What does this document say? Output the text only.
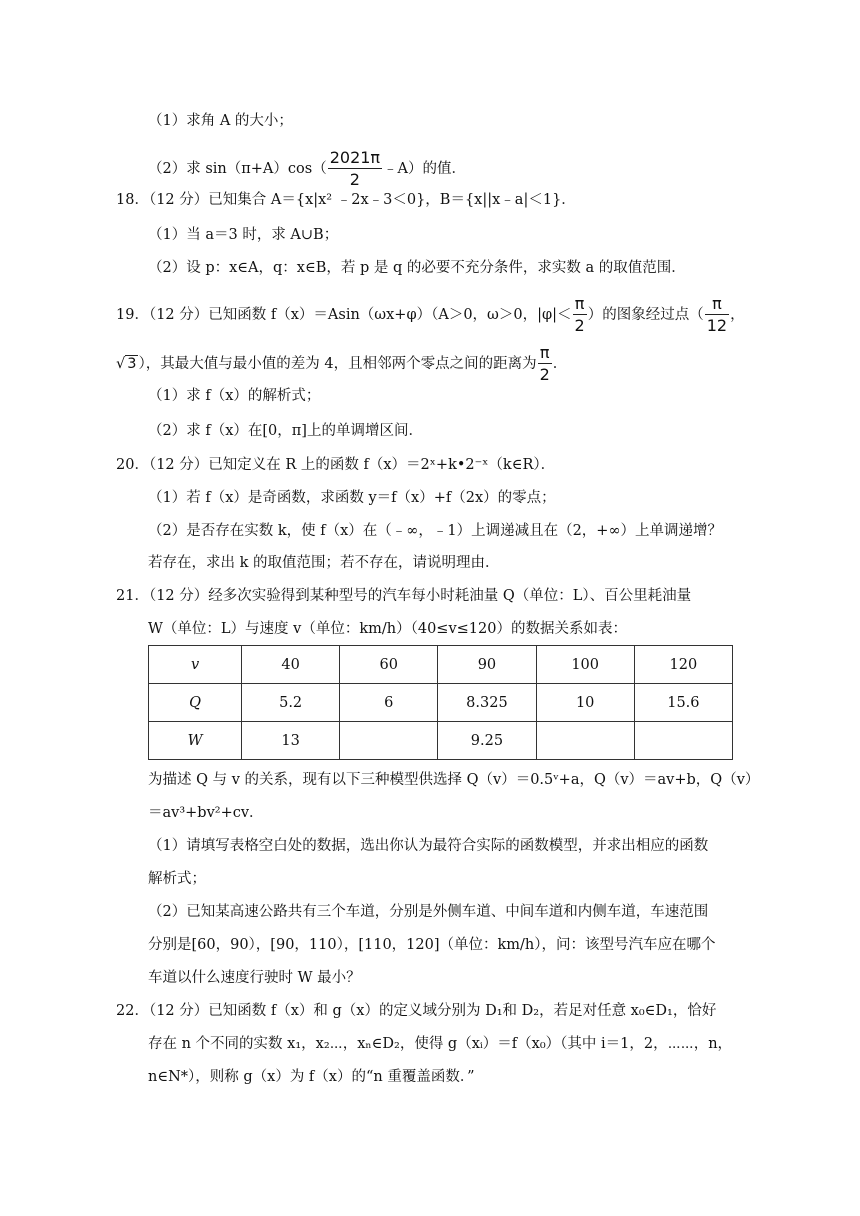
（1）求角 A 的大小；
（2）求 $\sin(\pi+A)\cos( \frac{2021\pi}{2}$ ﹣A）的值．
18．（12 分）已知集合 A＝{x|x² ﹣2x﹣3＜0}，B＝{x||x﹣a|＜1}．
（1）当 a＝3 时，求 A∪B；
（2）设 p：x∈A，q：x∈B，若 p 是 q 的必要不充分条件，求实数 a 的取值范围．
19．（12 分）已知函数 f（x）＝Asin（ωx+φ）（A＞0，ω＞0，$|\varphi|< \frac{\pi}{2}$ ）的图象经过点（ $\frac{\pi}{12}$ ，
√ 3 ），其最大值与最小值的差为 4，且相邻两个零点之间的距离为 $\frac{\pi}{2}$ ．
（1）求 f（x）的解析式；
（2）求 f（x）在[0，π]上的单调增区间．
20．（12 分）已知定义在 R 上的函数 f（x）＝2ˣ+k•2⁻ˣ（k∈R）．
（1）若 f（x）是奇函数，求函数 y＝f（x）+f（2x）的零点；
（2）是否存在实数 k，使 f（x）在（﹣∞，﹣1）上调递减且在（2，+∞）上单调递增？
若存在，求出 k 的取值范围；若不存在，请说明理由．
21．（12 分）经多次实验得到某种型号的汽车每小时耗油量 Q（单位：L）、百公里耗油量
W（单位：L）与速度 v（单位：km/h）（40≤v≤120）的数据关系如表：
v	40	60	90	100	120
Q	5.2	6	8.325	10	15.6
W	13		9.25		
为描述 Q 与 v 的关系，现有以下三种模型供选择 Q（v）＝0.5ᵛ+a，Q（v）＝av+b，Q（v）
＝av³+bv²+cv．
（1）请填写表格空白处的数据，选出你认为最符合实际的函数模型，并求出相应的函数
解析式；
（2）已知某高速公路共有三个车道，分别是外侧车道、中间车道和内侧车道，车速范围
分别是[60，90），[90，110），[110，120]（单位：km/h），问：该型号汽车应在哪个
车道以什么速度行驶时 W 最小？
22．（12 分）已知函数 f（x）和 g（x）的定义域分别为 D₁和 D₂，若足对任意 x₀∈D₁，恰好
存在 n 个不同的实数 x₁，x₂⋯，xₙ∈D₂，使得 g（xᵢ）＝f（x₀）（其中 i＝1，2，⋯⋯，n，
n∈N*），则称 g（x）为 f（x）的“n 重覆盖函数．”
